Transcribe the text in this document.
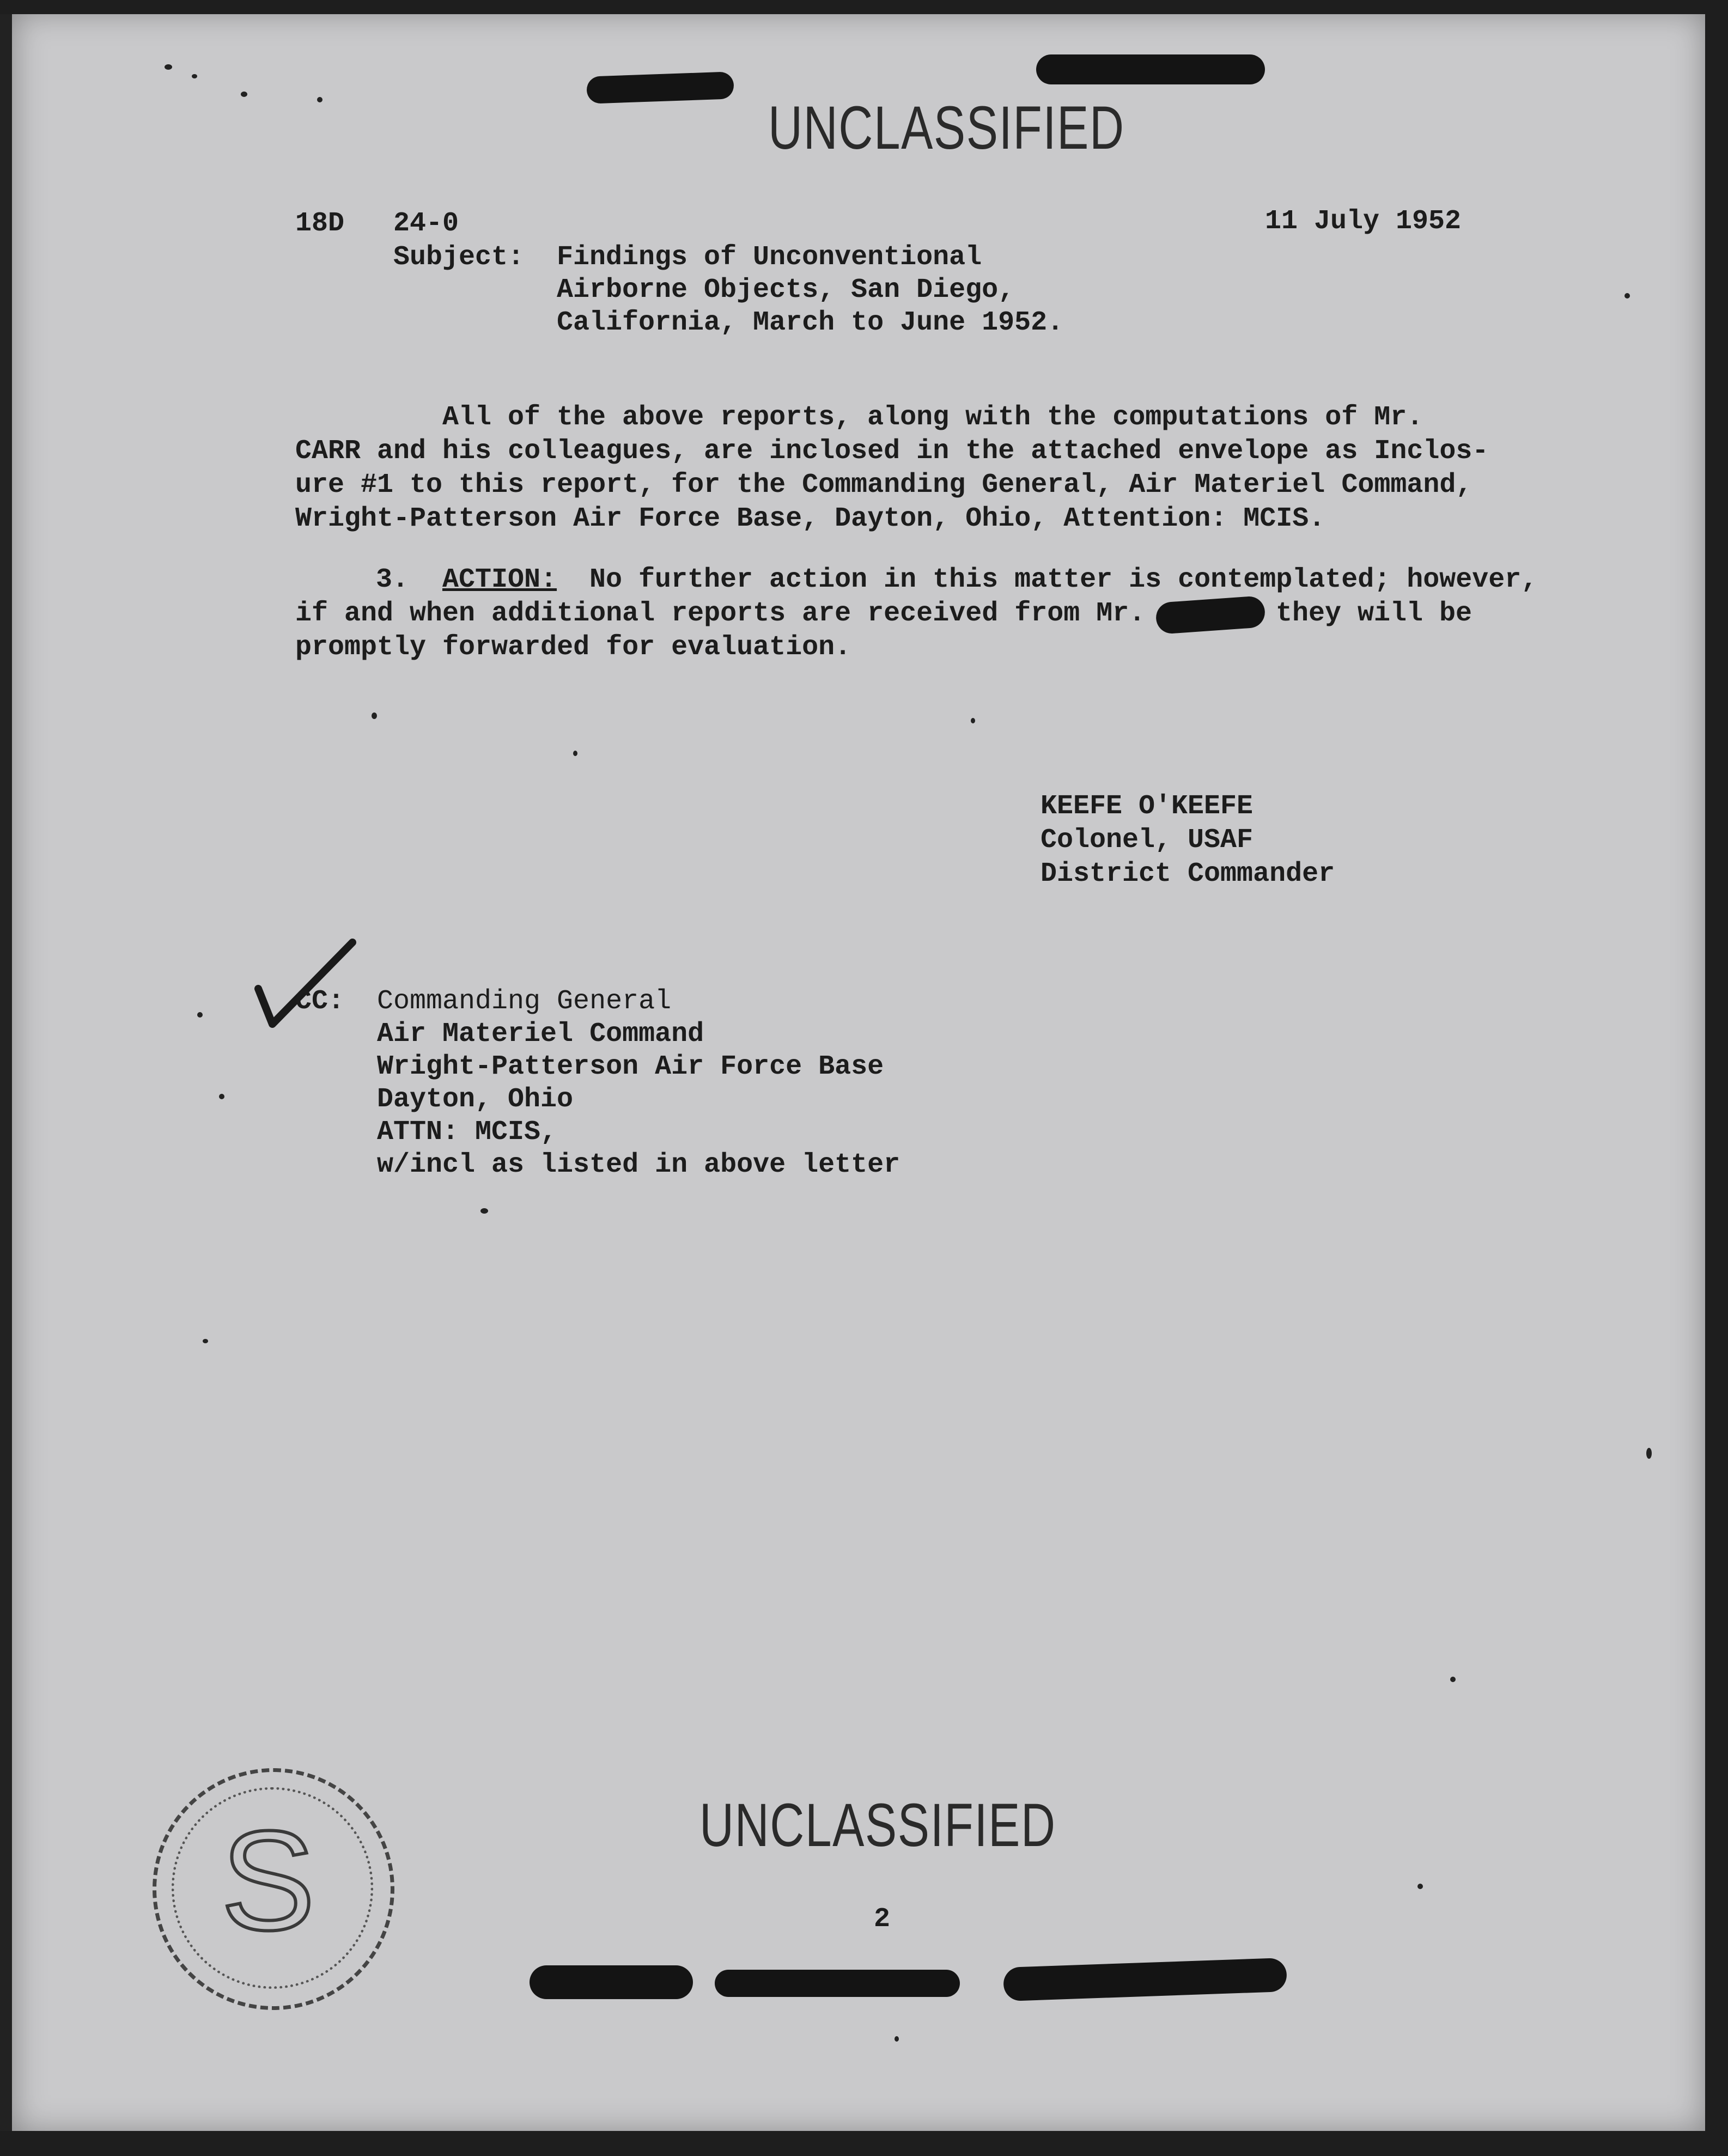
UNCLASSIFIED
18D 24-0	11 July 1952
Subject: Findings of Unconventional
Airborne Objects, San Diego,
California, March to June 1952.
All of the above reports, along with the computations of Mr.
CARR and his colleagues, are inclosed in the attached envelope as Inclos-
ure #1 to this report, for the Commanding General, Air Materiel Command,
Wright-Patterson Air Force Base, Dayton, Ohio, Attention: MCIS.
3. ACTION: No further action in this matter is contemplated; however,
if and when additional reports are received from Mr.	they will be
promptly forwarded for evaluation.
KEEFE O'KEEFE
Colonel, USAF
District Commander
CC: Commanding General
Air Materiel Command
Wright-Patterson Air Force Base
Dayton, Ohio
ATTN: MCIS,
w/incl as listed in above letter
UNCLASSIFIED
2
S
